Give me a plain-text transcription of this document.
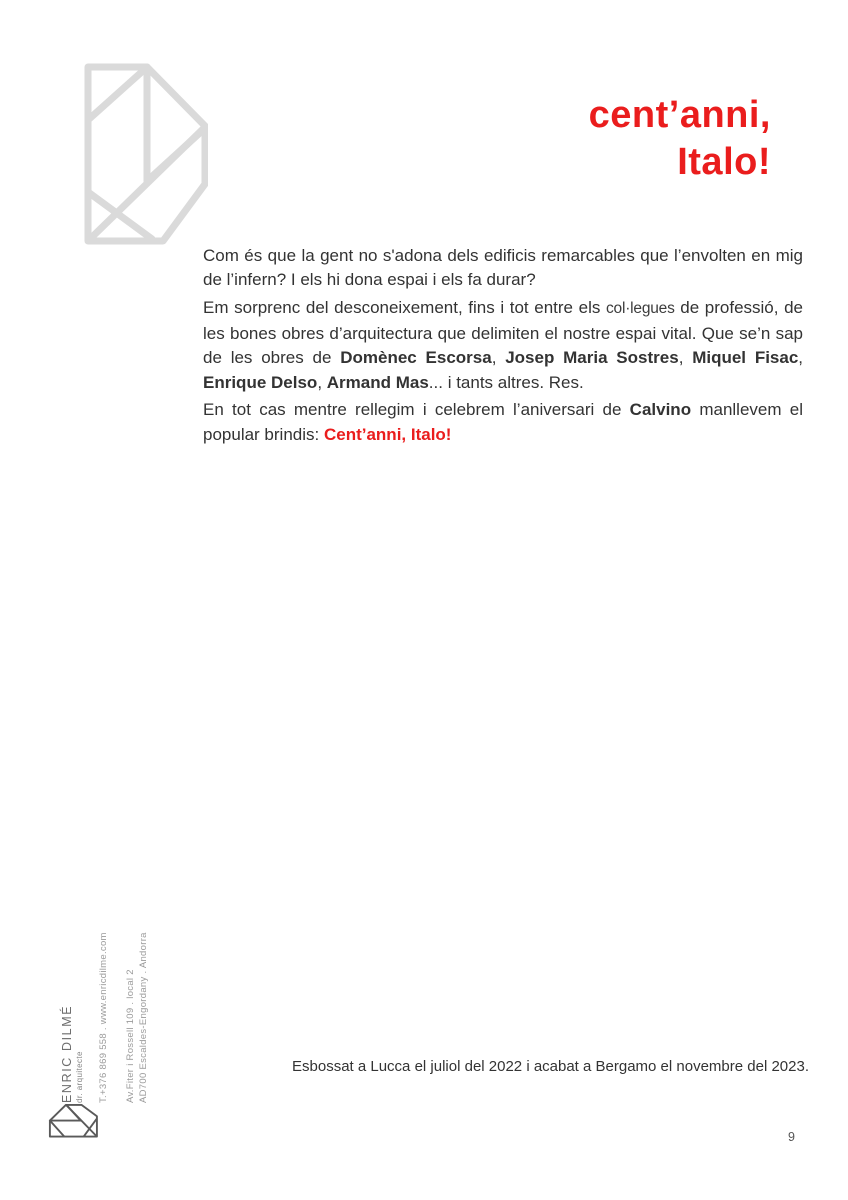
cent’anni,
Italo!

Com és que la gent no s'adona dels edificis remarcables que l’envolten en mig de l’infern? I els hi dona espai i els fa durar?

Em sorprenc del desconeixement, fins i tot entre els col·legues de professió, de les bones obres d’arquitectura que delimiten el nostre espai vital. Que se’n sap de les obres de Domènec Escorsa, Josep Maria Sostres, Miquel Fisac, Enrique Delso, Armand Mas... i tants altres. Res.

En tot cas mentre rellegim i celebrem l’aniversari de Calvino manllevem el popular brindis: Cent’anni, Italo!

Esbossat a Lucca el juliol del 2022 i acabat a Bergamo el novembre del 2023.
ENRIC DILMÉ dr. arquitecte T.+376 869 558 . www.enricdilme.com Av.Fiter i Rossell 109 . local 2 AD700 Escaldes-Engordany . Andorra
9
